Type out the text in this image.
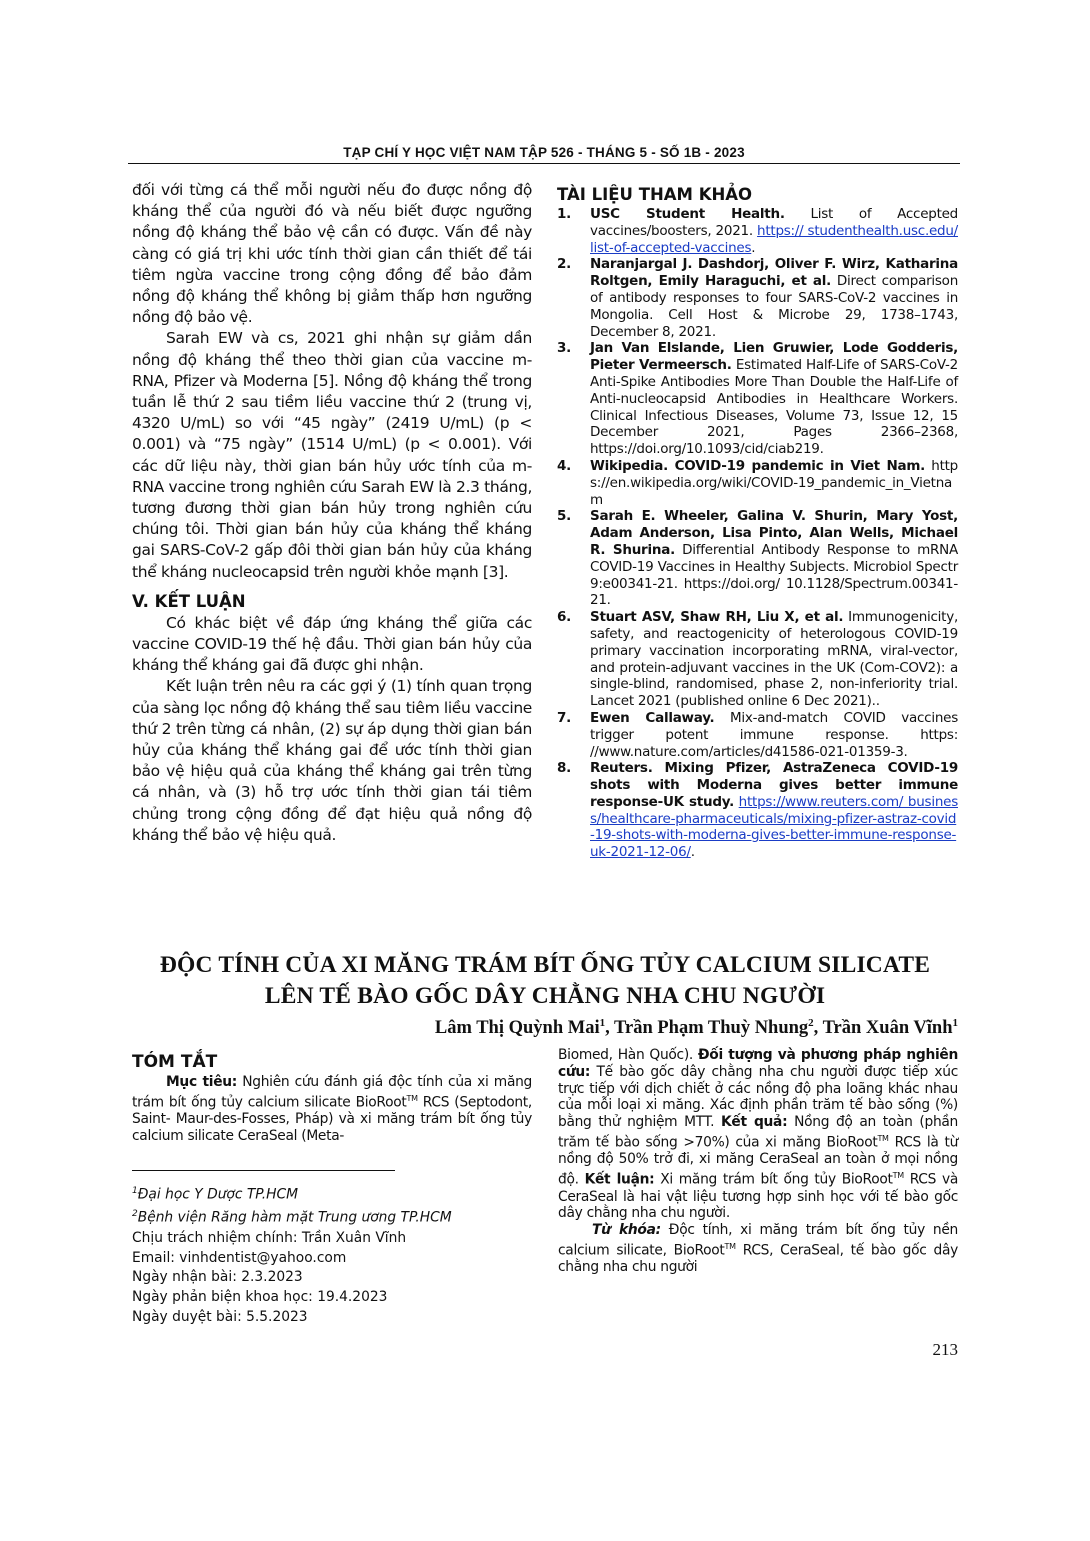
TẠP CHÍ Y HỌC VIỆT NAM TẬP 526 - THÁNG 5 - SỐ 1B - 2023

đối với từng cá thể mỗi người nếu đo được nồng độ kháng thể của người đó và nếu biết được ngưỡng nồng độ kháng thể bảo vệ cần có được. Vấn đề này càng có giá trị khi ước tính thời gian cần thiết để tái tiêm ngừa vaccine trong cộng đồng để bảo đảm nồng độ kháng thể không bị giảm thấp hơn ngưỡng nồng độ bảo vệ.

Sarah EW và cs, 2021 ghi nhận sự giảm dần nồng độ kháng thể theo thời gian của vaccine m-RNA, Pfizer và Moderna [5]. Nồng độ kháng thể trong tuần lễ thứ 2 sau tiềm liều vaccine thứ 2 (trung vị, 4320 U/mL) so với “45 ngày” (2419 U/mL) (p < 0.001) và “75 ngày” (1514 U/mL) (p < 0.001). Với các dữ liệu này, thời gian bán hủy ước tính của m-RNA vaccine trong nghiên cứu Sarah EW là 2.3 tháng, tương đương thời gian bán hủy trong nghiên cứu chúng tôi. Thời gian bán hủy của kháng thể kháng gai SARS-CoV-2 gấp đôi thời gian bán hủy của kháng thể kháng nucleocapsid trên người khỏe mạnh [3].

V. KẾT LUẬN

Có khác biệt về đáp ứng kháng thể giữa các vaccine COVID-19 thế hệ đầu. Thời gian bán hủy của kháng thể kháng gai đã được ghi nhận.

Kết luận trên nêu ra các gợi ý (1) tính quan trọng của sàng lọc nồng độ kháng thể sau tiêm liều vaccine thứ 2 trên từng cá nhân, (2) sự áp dụng thời gian bán hủy của kháng thể kháng gai để ước tính thời gian bảo vệ hiệu quả của kháng thể kháng gai trên từng cá nhân, và (3) hỗ trợ ước tính thời gian tái tiêm chủng trong cộng đồng để đạt hiệu quả nồng độ kháng thể bảo vệ hiệu quả.

TÀI LIỆU THAM KHẢO

1. USC Student Health. List of Accepted vaccines/boosters, 2021. https:// studenthealth.usc.edu/list-of-accepted-vaccines.

2. Naranjargal J. Dashdorj, Oliver F. Wirz, Katharina Roltgen, Emily Haraguchi, et al. Direct comparison of antibody responses to four SARS-CoV-2 vaccines in Mongolia. Cell Host & Microbe 29, 1738–1743, December 8, 2021.

3. Jan Van Elslande, Lien Gruwier, Lode Godderis, Pieter Vermeersch. Estimated Half-Life of SARS-CoV-2 Anti-Spike Antibodies More Than Double the Half-Life of Anti-nucleocapsid Antibodies in Healthcare Workers. Clinical Infectious Diseases, Volume 73, Issue 12, 15 December 2021, Pages 2366–2368, https://doi.org/10.1093/cid/ciab219.

4. Wikipedia. COVID-19 pandemic in Viet Nam. https://en.wikipedia.org/wiki/COVID-19_pandemic_in_Vietnam

5. Sarah E. Wheeler, Galina V. Shurin, Mary Yost, Adam Anderson, Lisa Pinto, Alan Wells, Michael R. Shurina. Differential Antibody Response to mRNA COVID-19 Vaccines in Healthy Subjects. Microbiol Spectr 9:e00341-21. https://doi.org/ 10.1128/Spectrum.00341-21.

6. Stuart ASV, Shaw RH, Liu X, et al. Immunogenicity, safety, and reactogenicity of heterologous COVID-19 primary vaccination incorporating mRNA, viral-vector, and protein-adjuvant vaccines in the UK (Com-COV2): a single-blind, randomised, phase 2, non-inferiority trial. Lancet 2021 (published online 6 Dec 2021)..

7. Ewen Callaway. Mix-and-match COVID vaccines trigger potent immune response. https: //www.nature.com/articles/d41586-021-01359-3.

8. Reuters. Mixing Pfizer, AstraZeneca COVID-19 shots with Moderna gives better immune response-UK study. https://www.reuters.com/ business/healthcare-pharmaceuticals/mixing-pfizer-astraz-covid-19-shots-with-moderna-gives-better-immune-response-uk-2021-12-06/.

ĐỘC TÍNH CỦA XI MĂNG TRÁM BÍT ỐNG TỦY CALCIUM SILICATE
LÊN TẾ BÀO GỐC DÂY CHẰNG NHA CHU NGƯỜI
Lâm Thị Quỳnh Mai$^1$, Trần Phạm Thuỳ Nhung$^2$, Trần Xuân Vĩnh$^1$
TÓM TẮT

Mục tiêu: Nghiên cứu đánh giá độc tính của xi măng trám bít ống tủy calcium silicate BioRoot™ RCS (Septodont, Saint- Maur-des-Fosses, Pháp) và xi măng trám bít ống tủy calcium silicate CeraSeal (Meta-

$^1$Đại học Y Dược TP.HCM
$^2$Bệnh viện Răng hàm mặt Trung ương TP.HCM
Chịu trách nhiệm chính: Trần Xuân Vĩnh
Email: vinhdentist@yahoo.com
Ngày nhận bài: 2.3.2023
Ngày phản biện khoa học: 19.4.2023
Ngày duyệt bài: 5.5.2023

Biomed, Hàn Quốc). Đối tượng và phương pháp nghiên cứu: Tế bào gốc dây chằng nha chu người được tiếp xúc trực tiếp với dịch chiết ở các nồng độ pha loãng khác nhau của mỗi loại xi măng. Xác định phần trăm tế bào sống (%) bằng thử nghiệm MTT. Kết quả: Nồng độ an toàn (phần trăm tế bào sống >70%) của xi măng BioRoot™ RCS là từ nồng độ 50% trở đi, xi măng CeraSeal an toàn ở mọi nồng độ. Kết luận: Xi măng trám bít ống tủy BioRoot™ RCS và CeraSeal là hai vật liệu tương hợp sinh học với tế bào gốc dây chằng nha chu người.

Từ khóa: Độc tính, xi măng trám bít ống tủy nền calcium silicate, BioRoot™ RCS, CeraSeal, tế bào gốc dây chằng nha chu người

213
